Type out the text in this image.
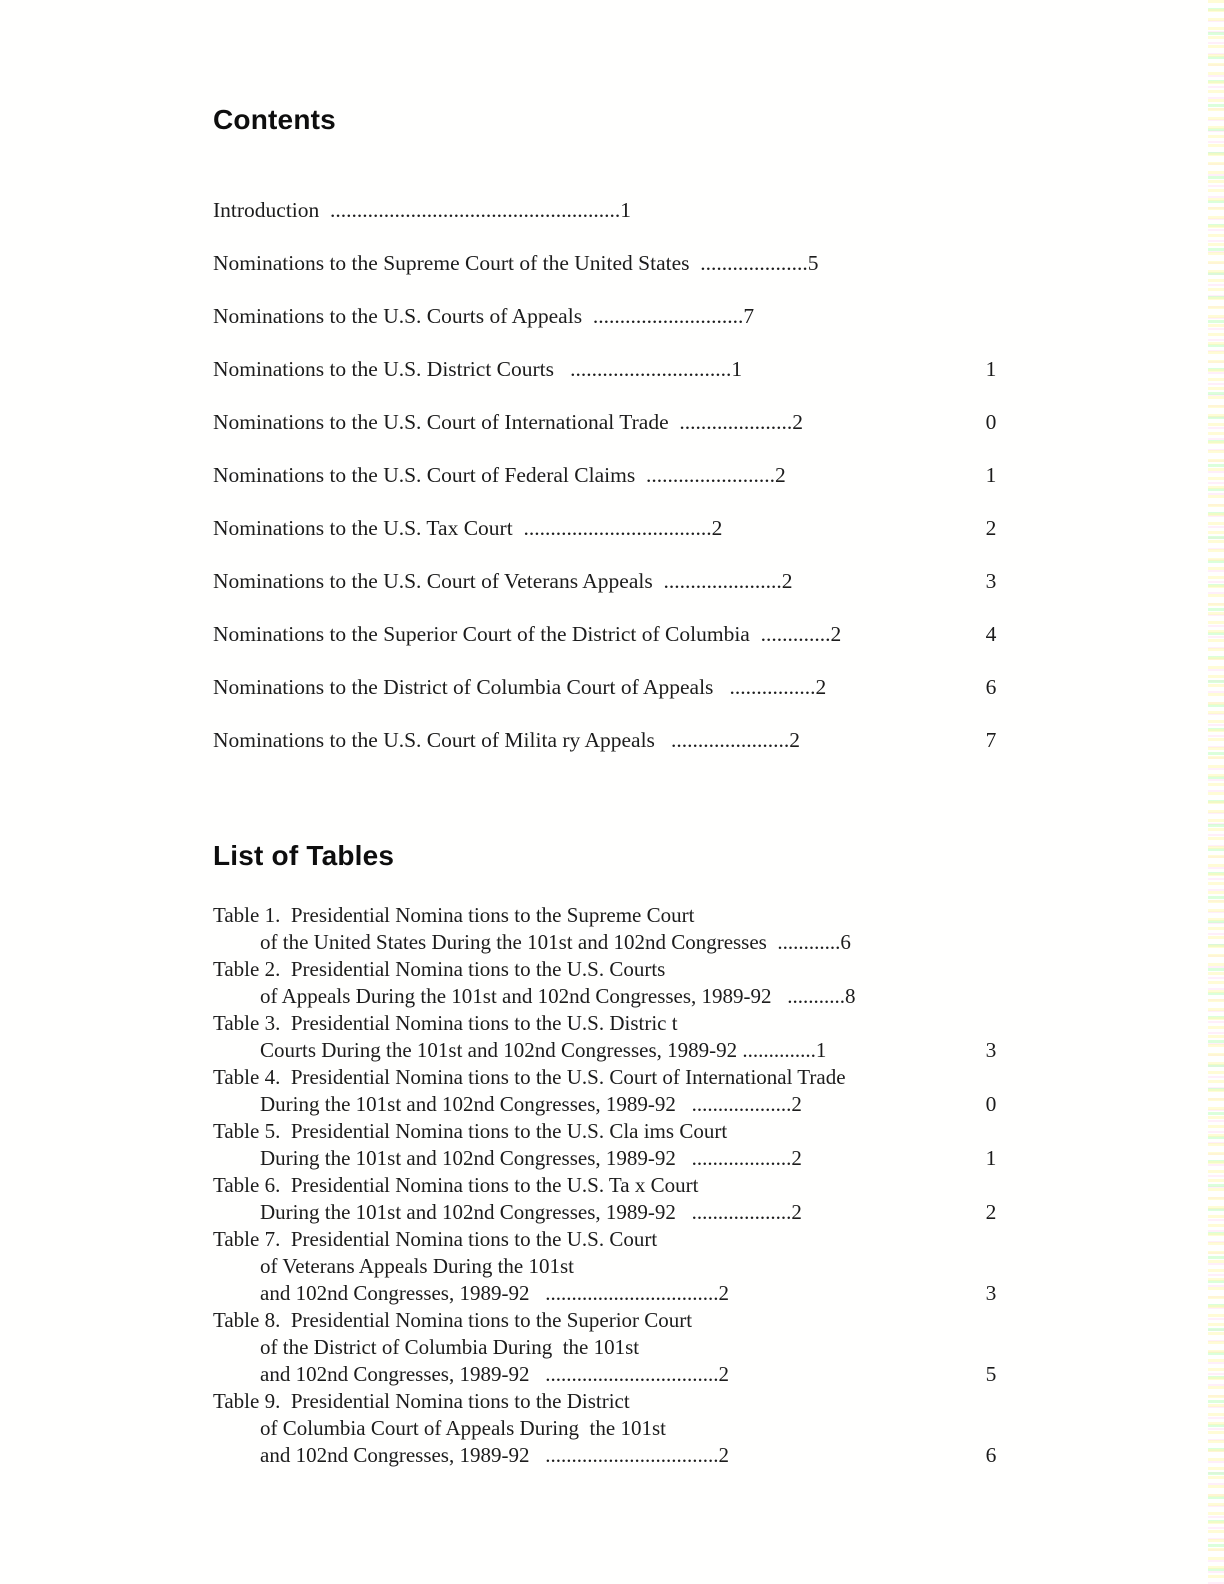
Contents
Introduction  ......................................................1
Nominations to the Supreme Court of the United States  ....................5
Nominations to the U.S. Courts of Appeals  ............................7
Nominations to the U.S. District Courts   ..............................1	1
Nominations to the U.S. Court of International Trade  .....................2	0
Nominations to the U.S. Court of Federal Claims  ........................2	1
Nominations to the U.S. Tax Court  ...................................2	2
Nominations to the U.S. Court of Veterans Appeals  ......................2	3
Nominations to the Superior Court of the District of Columbia  .............2	4
Nominations to the District of Columbia Court of Appeals   ................2	6
Nominations to the U.S. Court of Milita ry Appeals   ......................2	7
List of Tables
Table 1.  Presidential Nomina tions to the Supreme Court
of the United States During the 101st and 102nd Congresses  ............6
Table 2.  Presidential Nomina tions to the U.S. Courts
of Appeals During the 101st and 102nd Congresses, 1989-92   ...........8
Table 3.  Presidential Nomina tions to the U.S. Distric t
Courts During the 101st and 102nd Congresses, 1989-92 ..............1	3
Table 4.  Presidential Nomina tions to the U.S. Court of International Trade
During the 101st and 102nd Congresses, 1989-92   ...................2	0
Table 5.  Presidential Nomina tions to the U.S. Cla ims Court
During the 101st and 102nd Congresses, 1989-92   ...................2	1
Table 6.  Presidential Nomina tions to the U.S. Ta x Court
During the 101st and 102nd Congresses, 1989-92   ...................2	2
Table 7.  Presidential Nomina tions to the U.S. Court
of Veterans Appeals During the 101st
and 102nd Congresses, 1989-92   .................................2	3
Table 8.  Presidential Nomina tions to the Superior Court
of the District of Columbia During  the 101st
and 102nd Congresses, 1989-92   .................................2	5
Table 9.  Presidential Nomina tions to the District
of Columbia Court of Appeals During  the 101st
and 102nd Congresses, 1989-92   .................................2	6
